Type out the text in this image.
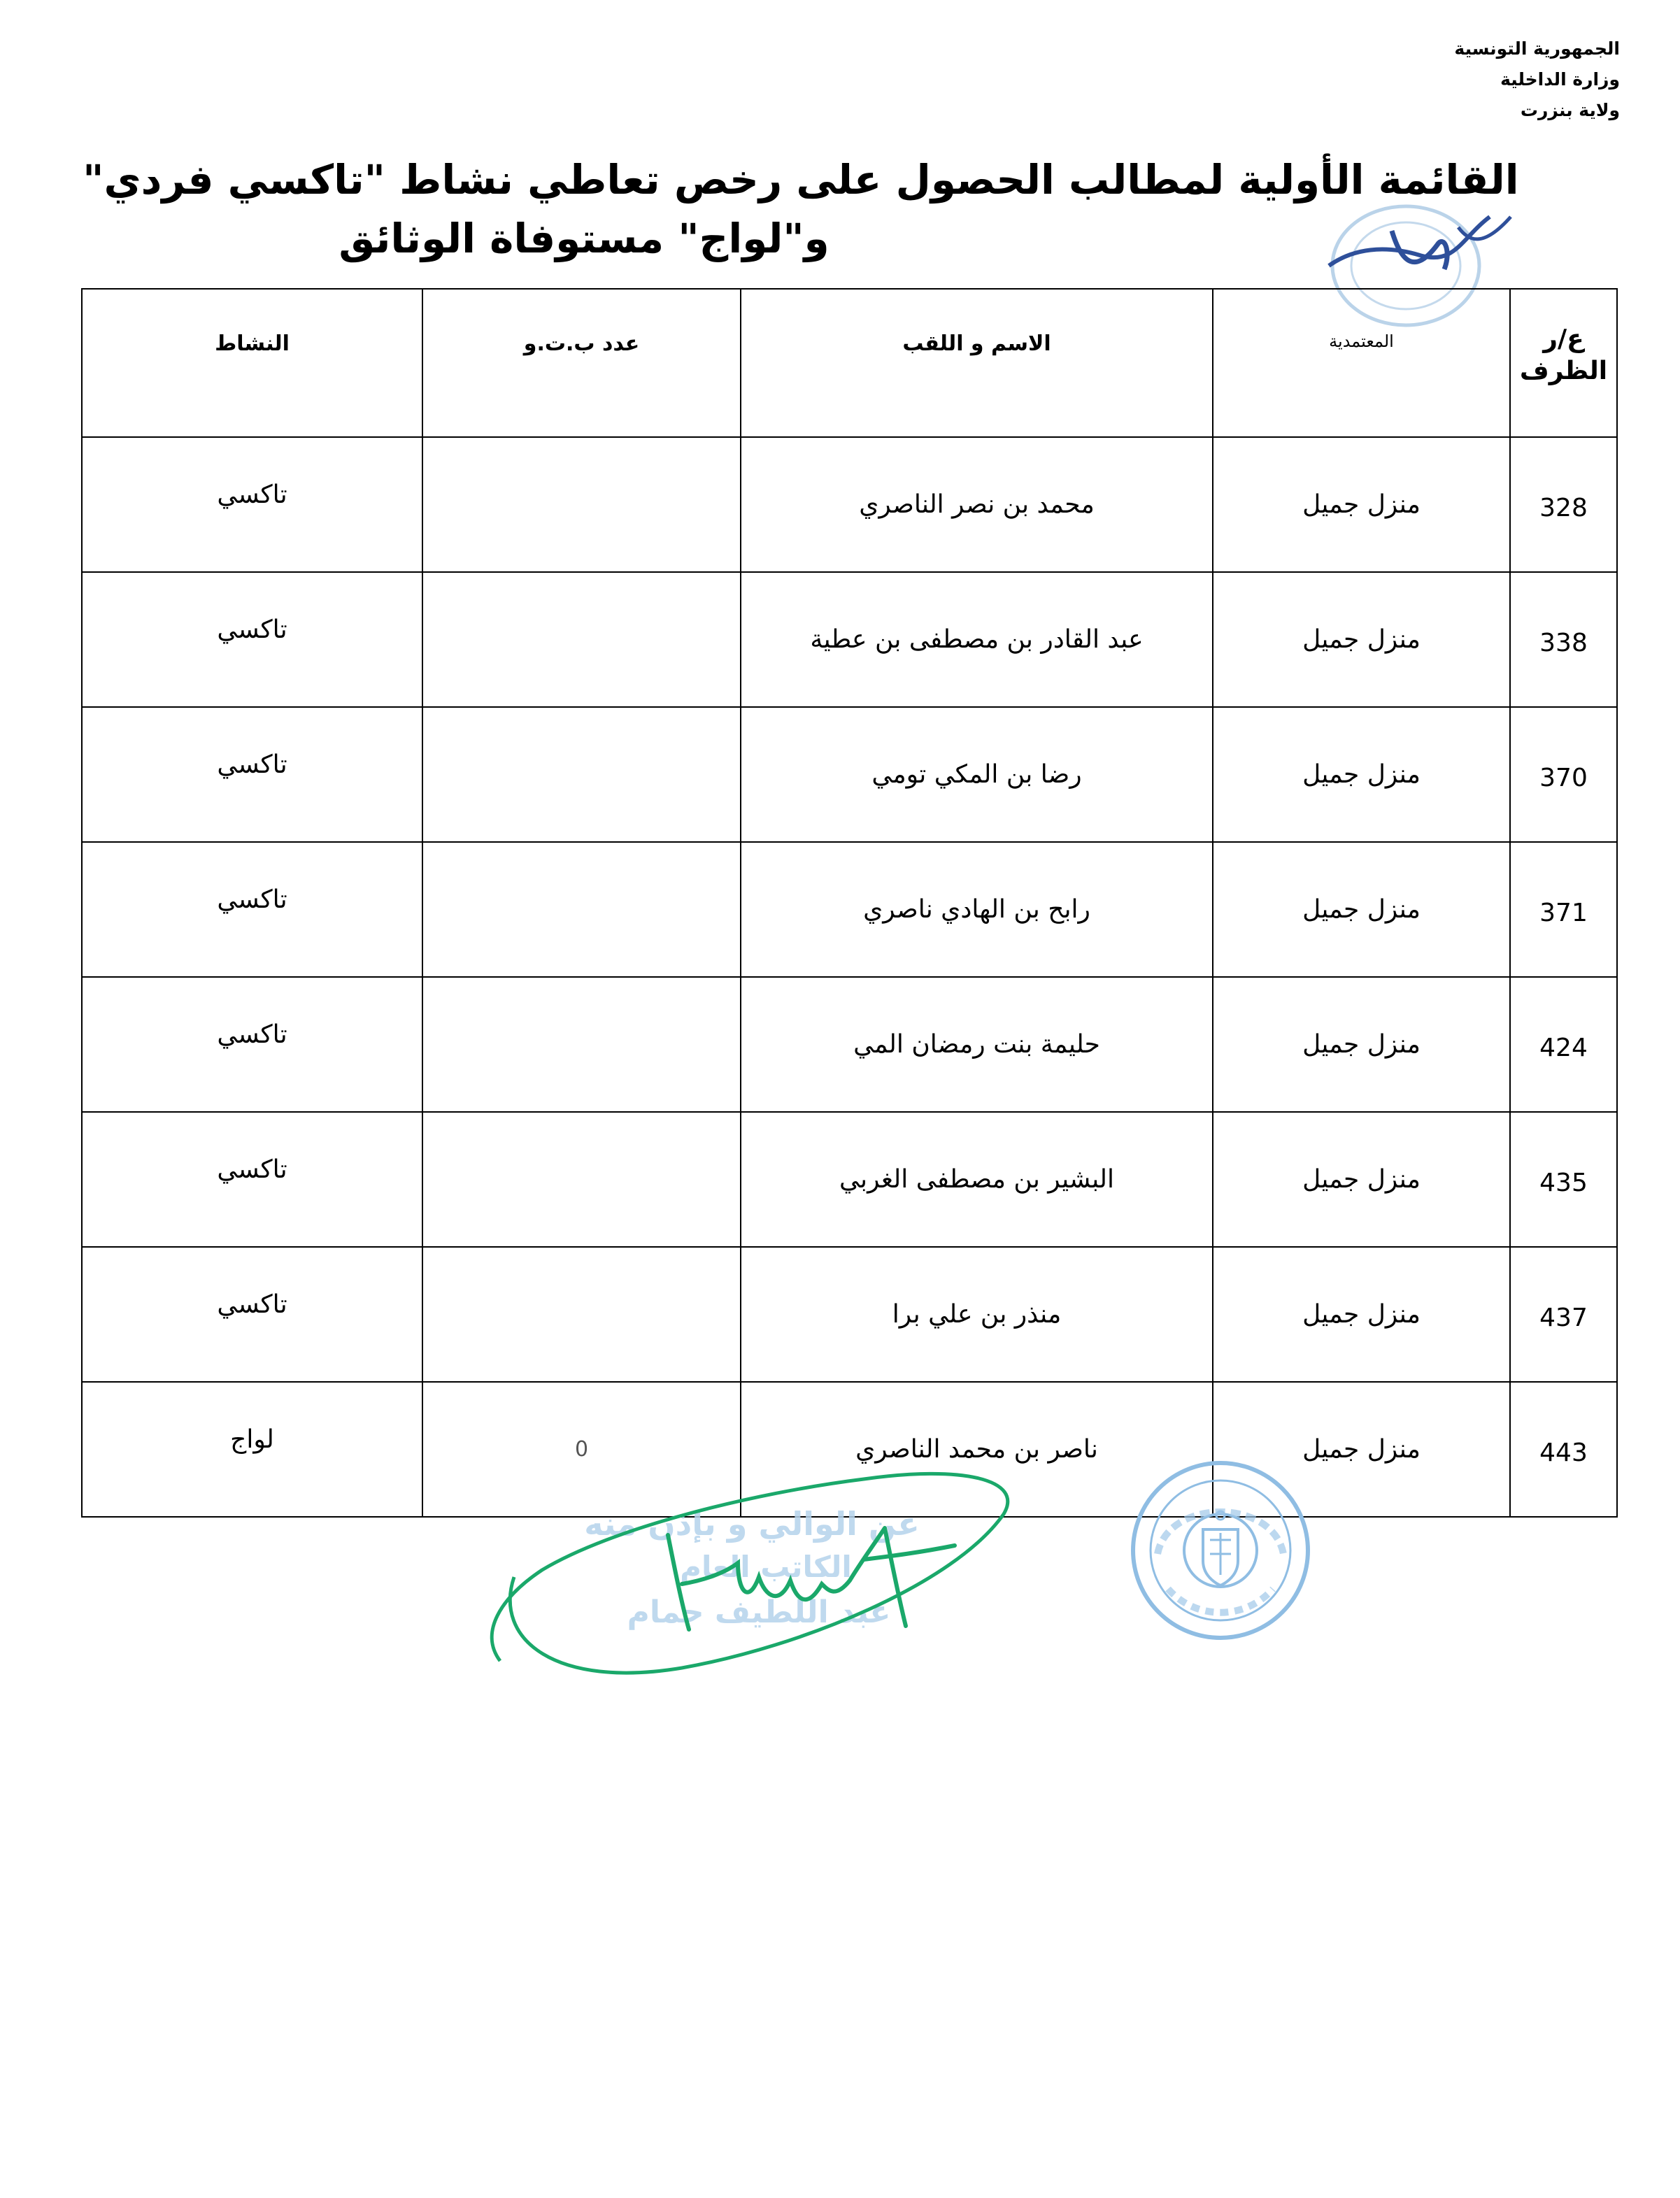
الجمهورية التونسية
وزارة الداخلية
ولاية بنزرت
القائمة الأولية لمطالب الحصول على رخص تعاطي نشاط "تاكسي فردي"
و"لواج" مستوفاة الوثائق
ع/ر الظرف	المعتمدية	الاسم و اللقب	عدد ب.ت.و	النشاط
328	منزل جميل	محمد بن نصر الناصري		تاكسي
338	منزل جميل	عبد القادر بن مصطفى بن عطية		تاكسي
370	منزل جميل	رضا بن المكي تومي		تاكسي
371	منزل جميل	رابح بن الهادي ناصري		تاكسي
424	منزل جميل	حليمة بنت رمضان المي		تاكسي
435	منزل جميل	البشير بن مصطفى الغربي		تاكسي
437	منزل جميل	منذر بن علي برا		تاكسي
443	منزل جميل	ناصر بن محمد الناصري	0	لواج
عن الوالي و بإذن منه
الكاتب العام
عبد اللطيف حمام
